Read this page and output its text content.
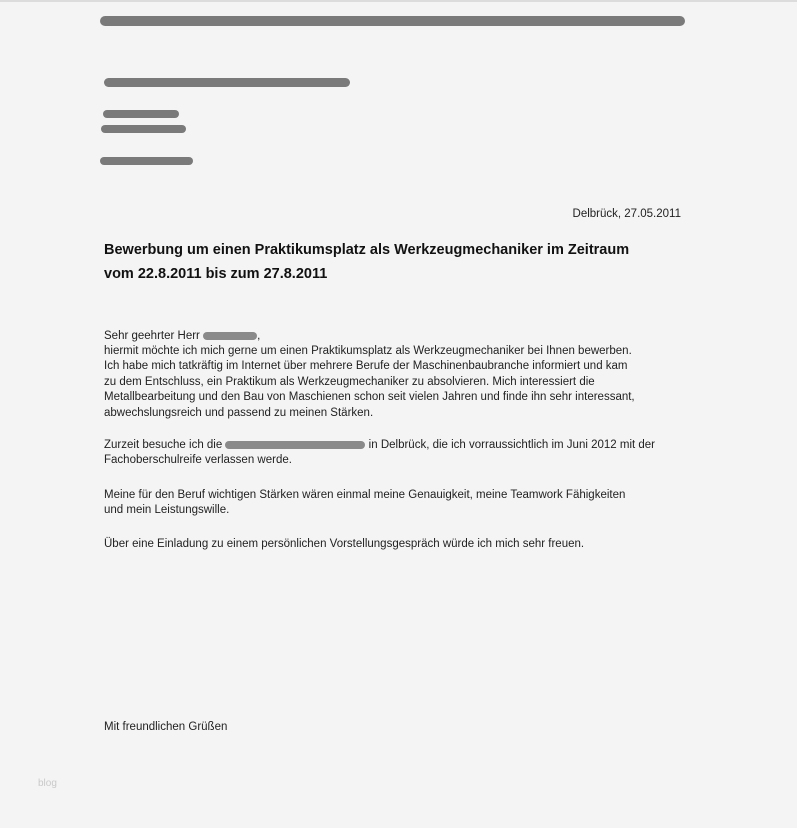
Delbrück, 27.05.2011
Bewerbung um einen Praktikumsplatz als Werkzeugmechaniker im Zeitraum
vom 22.8.2011 bis zum 27.8.2011
Sehr geehrter Herr	,
hiermit möchte ich mich gerne um einen Praktikumsplatz als Werkzeugmechaniker bei Ihnen bewerben.
Ich habe mich tatkräftig im Internet über mehrere Berufe der Maschinenbaubranche informiert und kam
zu dem Entschluss, ein Praktikum als Werkzeugmechaniker zu absolvieren. Mich interessiert die
Metallbearbeitung und den Bau von Maschienen schon seit vielen Jahren und finde ihn sehr interessant,
abwechslungsreich und passend zu meinen Stärken.
Zurzeit besuche ich die	in Delbrück, die ich vorraussichtlich im Juni 2012 mit der
Fachoberschulreife verlassen werde.
Meine für den Beruf wichtigen Stärken wären einmal meine Genauigkeit, meine Teamwork Fähigkeiten
und mein Leistungswille.
Über eine Einladung zu einem persönlichen Vorstellungsgespräch würde ich mich sehr freuen.
Mit freundlichen Grüßen
blog
